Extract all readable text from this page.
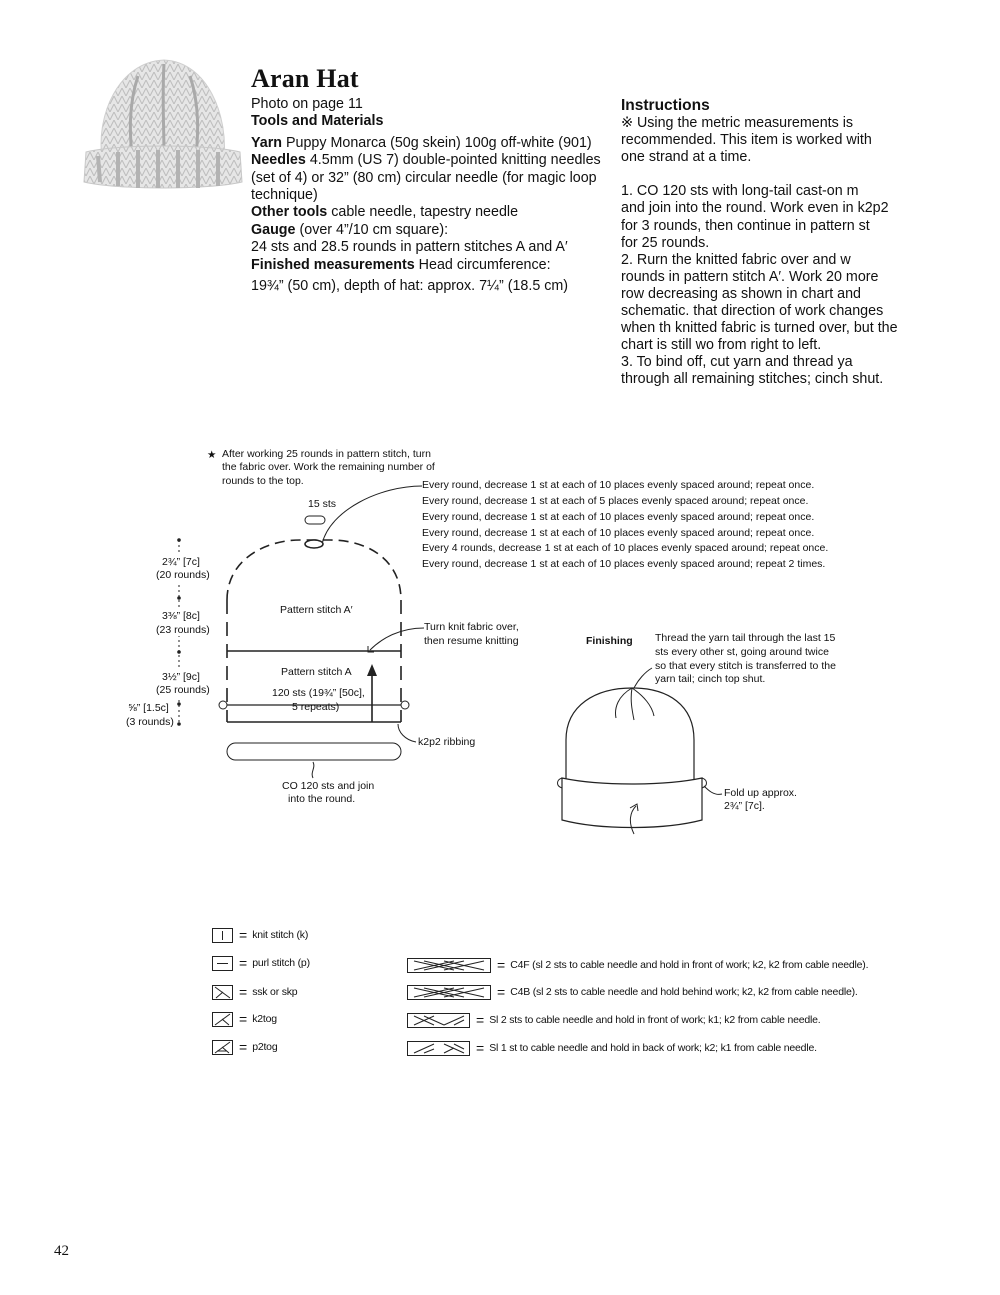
Aran Hat

Photo on page 11

Tools and Materials

Yarn Puppy Monarca (50g skein) 100g off-white (901)

Needles 4.5mm (US 7) double-pointed knitting needles (set of 4) or 32” (80 cm) circular needle (for magic loop technique)

Other tools cable needle, tapestry needle

Gauge (over 4”/10 cm square):

24 sts and 28.5 rounds in pattern stitches A and A′

Finished measurements Head circumference:

19¾” (50 cm), depth of hat: approx. 7¼” (18.5 cm)

Instructions

※ Using the metric measurements is
recommended. This item is worked with
one strand at a time.

1. CO 120 sts with long-tail cast-on m
and join into the round. Work even in k2p2
for 3 rounds, then continue in pattern st
for 25 rounds.

2. Rurn the knitted fabric over and w
rounds in pattern stitch A′. Work 20 more
row decreasing as shown in chart and
schematic. that direction of work changes
when th knitted fabric is turned over, but the
chart is still wo from right to left.

3. To bind off, cut yarn and thread ya
through all remaining stitches; cinch shut.

★ After working 25 rounds in pattern stitch, turn
the fabric over. Work the remaining number of
rounds to the top.
15 sts
Every round, decrease 1 st at each of 10 places evenly spaced around; repeat once.
Every round, decrease 1 st at each of 5 places evenly spaced around; repeat once.
Every round, decrease 1 st at each of 10 places evenly spaced around; repeat once.
Every round, decrease 1 st at each of 10 places evenly spaced around; repeat once.
Every 4 rounds, decrease 1 st at each of 10 places evenly spaced around; repeat once.
Every round, decrease 1 st at each of 10 places evenly spaced around; repeat 2 times.
Pattern stitch A′
Pattern stitch A
120 sts (19¾” [50c],
5 repeats)
Turn knit fabric over,
then resume knitting
2¾” [7c]
(20 rounds)
3⅜” [8c]
(23 rounds)
3½” [9c]
(25 rounds)
⅝” [1.5c]
(3 rounds)
k2p2 ribbing
CO 120 sts and join
into the round.
Finishing Thread the yarn tail through the last 15
sts every other st, going around twice
so that every stitch is transferred to the
yarn tail; cinch top shut.
Fold up approx.
2¾” [7c].
= knit stitch (k)
= purl stitch (p)
= ssk or skp
= k2tog
= p2tog
= C4F (sl 2 sts to cable needle and hold in front of work; k2, k2 from cable needle).
= C4B (sl 2 sts to cable needle and hold behind work; k2, k2 from cable needle).
= Sl 2 sts to cable needle and hold in front of work; k1; k2 from cable needle.
= Sl 1 st to cable needle and hold in back of work; k2; k1 from cable needle.
42
